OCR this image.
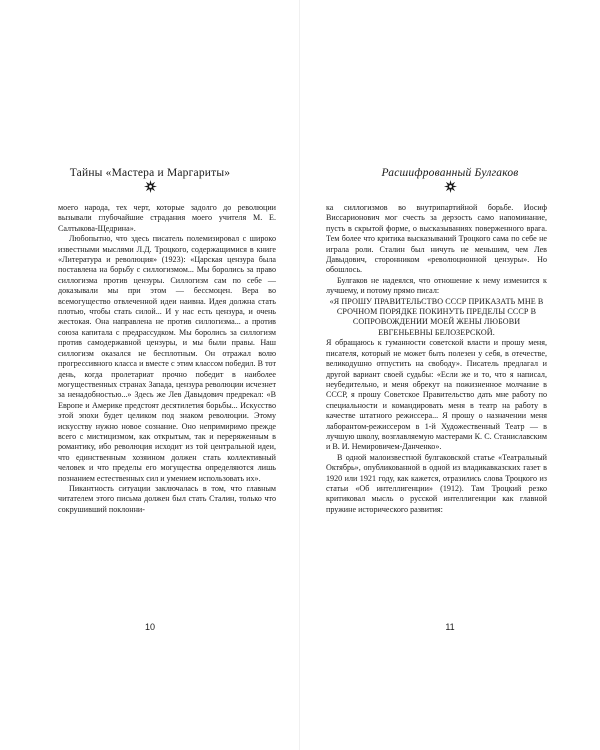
Тайны «Мастера и Маргариты»

моего народа, тех черт, которые задолго до революции вызывали глубочайшие страдания моего учителя М. Е. Салтыкова-Щедрина».

Любопытно, что здесь писатель полемизировал с широко известными мыслями Л.Д. Троцкого, содержащимися в книге «Литература и революция» (1923): «Царская цензура была поставлена на борьбу с силлогизмом... Мы боролись за право силлогизма против цензуры. Силлогизм сам по себе — доказывали мы при этом — бессмоцен. Вера во всемогущество отвлеченной идеи наивна. Идея должна стать плотью, чтобы стать силой... И у нас есть цензура, и очень жестокая. Она направлена не против силлогизма... а против союза капитала с предрассудком. Мы боролись за силлогизм против самодержавной цензуры, и мы были правы. Наш силлогизм оказался не бесплотным. Он отражал волю прогрессивного класса и вместе с этим классом победил. В тот день, когда пролетариат прочно победит в наиболее могущественных странах Запада, цензура революции исчезнет за ненадобностью...» Здесь же Лев Давыдович предрекал: «В Европе и Америке предстоят десятилетия борьбы... Искусство этой эпохи будет целиком под знаком революции. Этому искусству нужно новое сознание. Оно непримиримо прежде всего с мистицизмом, как открытым, так и переряженным в романтику, ибо революция исходит из той центральной идеи, что единственным хозяином должен стать коллективный человек и что пределы его могущества определяются лишь познанием естественных сил и умением использовать их».

Пикантность ситуации заключалась в том, что главным читателем этого письма должен был стать Сталин, только что сокрушивший поклонни-

10
Расшифрованный Булгаков

ка силлогизмов во внутрипартийной борьбе. Иосиф Виссарионович мог счесть за дерзость само напоминание, пусть в скрытой форме, о высказываниях поверженного врага. Тем более что критика высказываний Троцкого сама по себе не играла роли. Сталин был ничуть не меньшим, чем Лев Давыдович, сторонником «революционной цензуры». Но обошлось.

Булгаков не надеялся, что отношение к нему изменится к лучшему, и потому прямо писал:

«Я ПРОШУ ПРАВИТЕЛЬСТВО СССР ПРИКАЗАТЬ МНЕ В СРОЧНОМ ПОРЯДКЕ ПОКИНУТЬ ПРЕДЕЛЫ СССР В СОПРОВОЖДЕНИИ МОЕЙ ЖЕНЫ ЛЮБОВИ ЕВГЕНЬЕВНЫ БЕЛОЗЕРСКОЙ.

Я обращаюсь к гуманности советской власти и прошу меня, писателя, который не может быть полезен у себя, в отечестве, великодушно отпустить на свободу». Писатель предлагал и другой вариант своей судьбы: «Если же и то, что я написал, неубедительно, и меня обрекут на пожизненное молчание в СССР, я прошу Советское Правительство дать мне работу по специальности и командировать меня в театр на работу в качестве штатного режиссера... Я прошу о назначении меня лаборантом-режиссером в 1-й Художественный Театр — в лучшую школу, возглавляемую мастерами К. С. Станиславским и В. И. Немировичем-Данченко».

В одной малоизвестной булгаковской статье «Театральный Октябрь», опубликованной в одной из владикавказских газет в 1920 или 1921 году, как кажется, отразились слова Троцкого из статьи «Об интеллигенции» (1912). Там Троцкий резко критиковал мысль о русской интеллигенции как главной пружине исторического развития:

11
